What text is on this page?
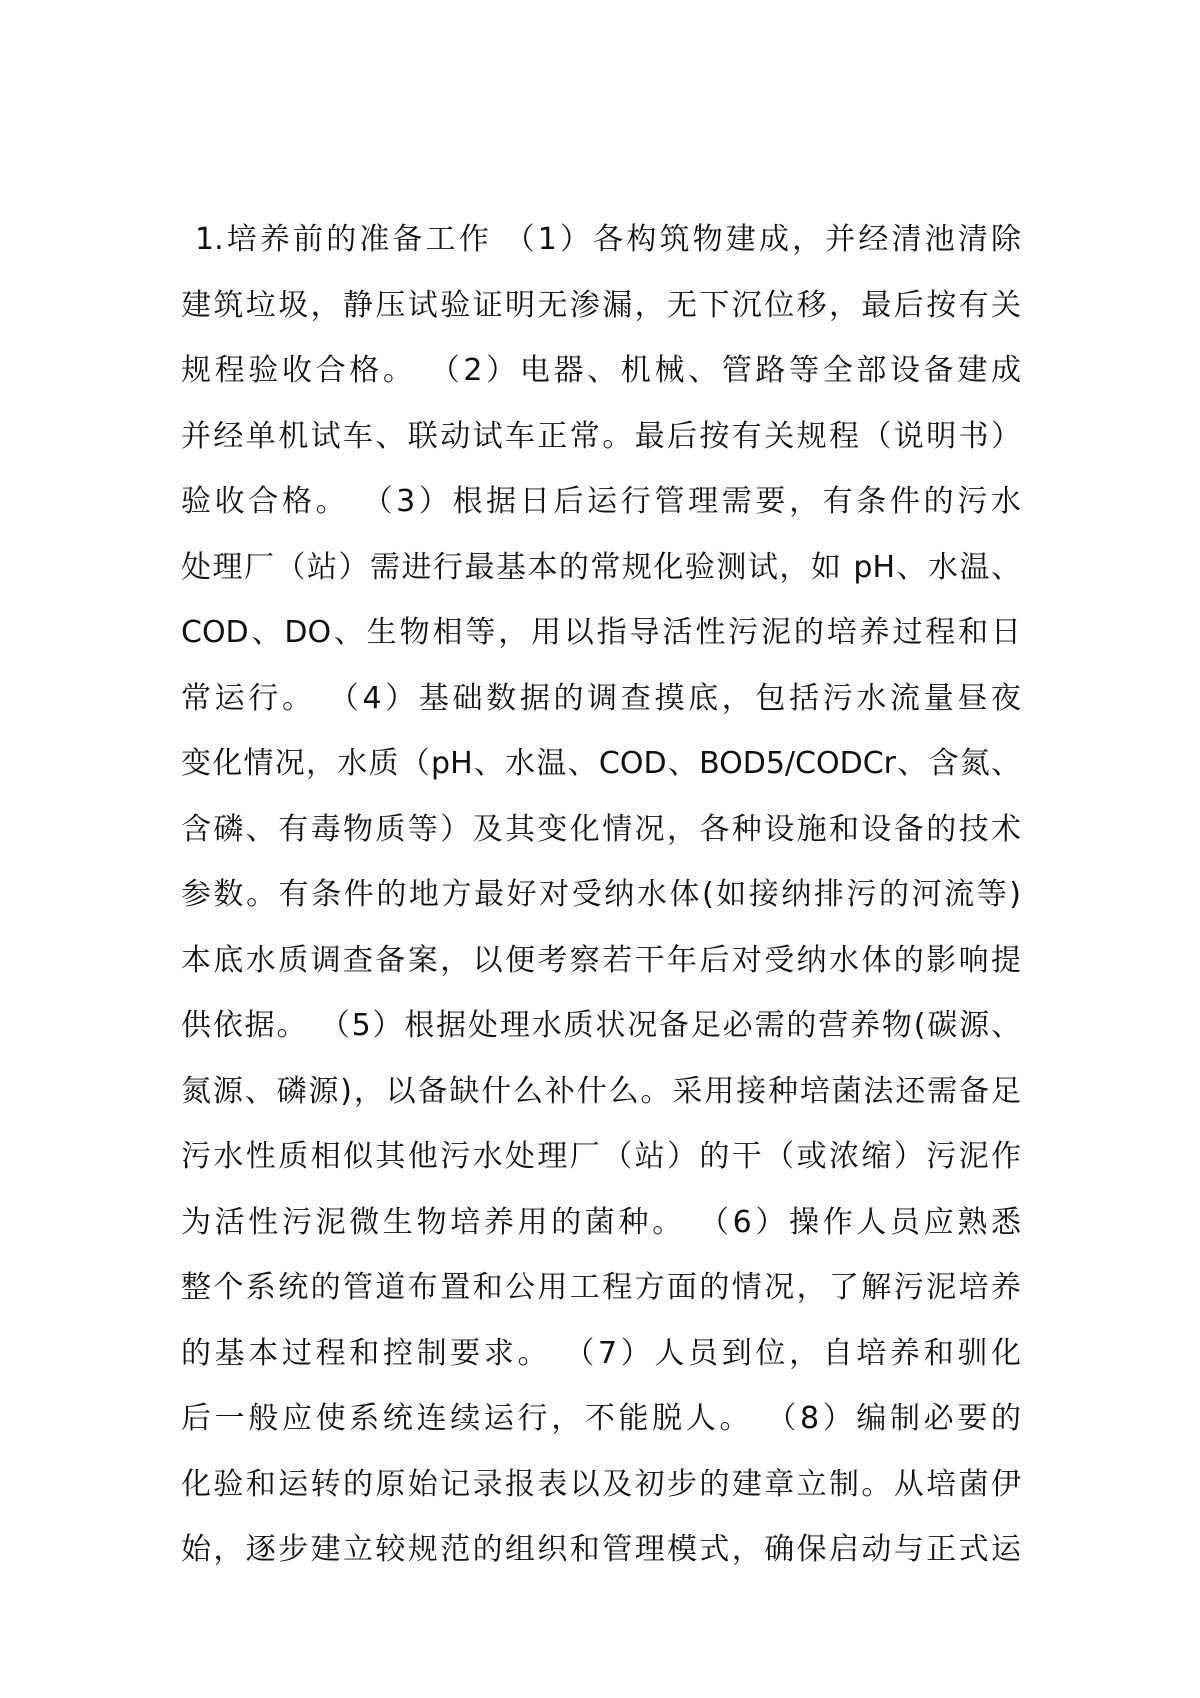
1.培养前的准备工作 （1）各构筑物建成，并经清池清除
建筑垃圾，静压试验证明无渗漏，无下沉位移，最后按有关
规程验收合格。 （2）电器、机械、管路等全部设备建成
并经单机试车、联动试车正常。最后按有关规程（说明书）
验收合格。 （3）根据日后运行管理需要，有条件的污水
处理厂（站）需进行最基本的常规化验测试，如 pH、水温、
COD、DO、生物相等，用以指导活性污泥的培养过程和日
常运行。 （4）基础数据的调查摸底，包括污水流量昼夜
变化情况，水质（pH、水温、COD、BOD5/CODCr、含氮、
含磷、有毒物质等）及其变化情况，各种设施和设备的技术
参数。有条件的地方最好对受纳水体(如接纳排污的河流等)
本底水质调查备案，以便考察若干年后对受纳水体的影响提
供依据。 （5）根据处理水质状况备足必需的营养物(碳源、
氮源、磷源)，以备缺什么补什么。采用接种培菌法还需备足
污水性质相似其他污水处理厂（站）的干（或浓缩）污泥作
为活性污泥微生物培养用的菌种。 （6）操作人员应熟悉
整个系统的管道布置和公用工程方面的情况，了解污泥培养
的基本过程和控制要求。 （7）人员到位，自培养和驯化
后一般应使系统连续运行，不能脱人。 （8）编制必要的
化验和运转的原始记录报表以及初步的建章立制。从培菌伊
始，逐步建立较规范的组织和管理模式，确保启动与正式运
